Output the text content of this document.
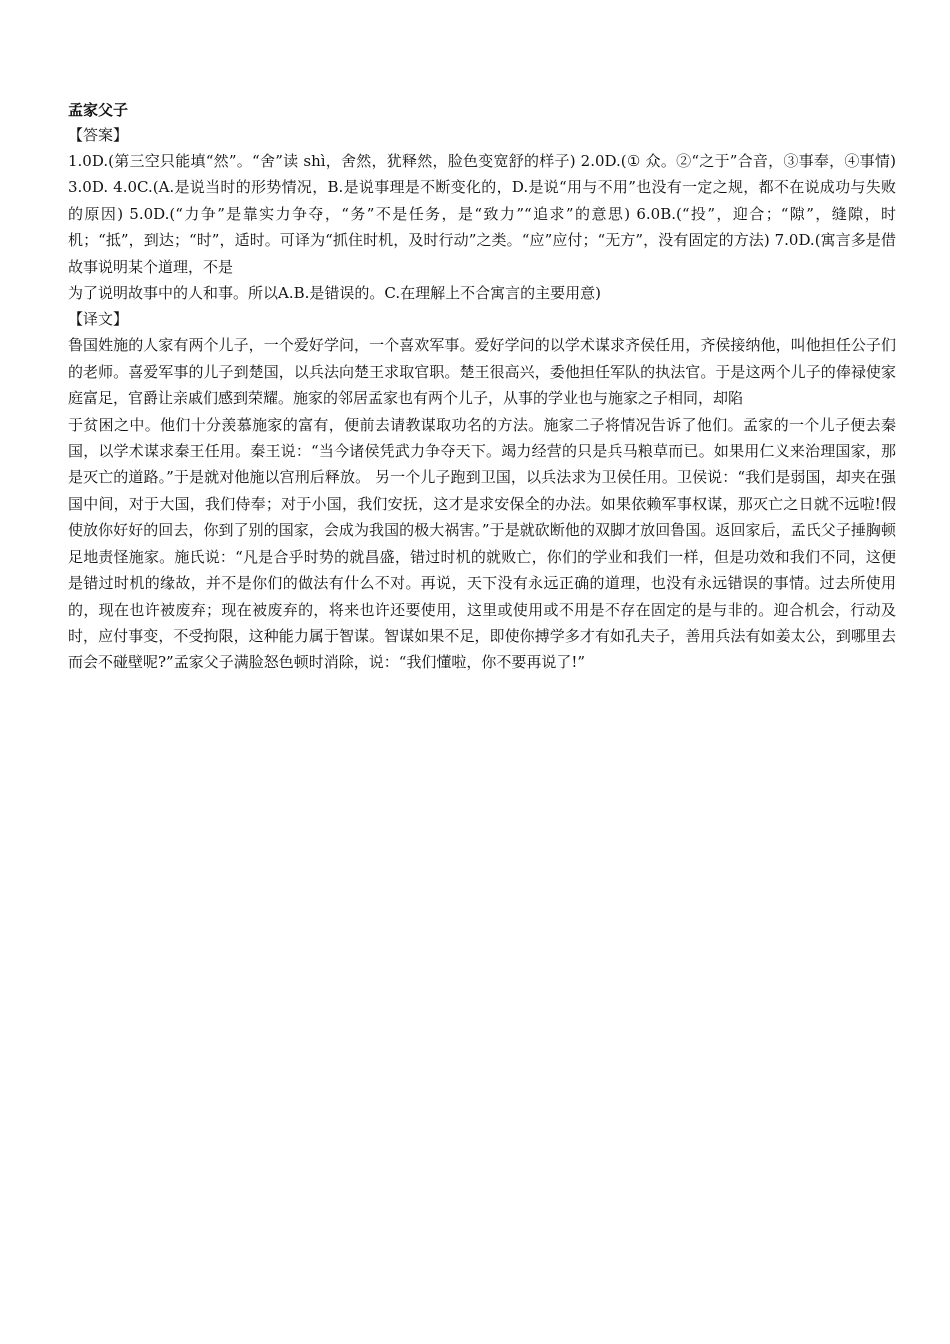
孟家父子

【答案】

1.0D.(第三空只能填“然”。“舍”读 shì，舍然，犹释然，脸色变宽舒的样子) 2.0D.(① 众。②“之于”合音，③事奉，④事情) 3.0D. 4.0C.(A.是说当时的形势情况，B.是说事理是不断变化的，D.是说“用与不用”也没有一定之规，都不在说成功与失败的原因) 5.0D.(“力争”是靠实力争夺，“务”不是任务，是“致力”“追求”的意思) 6.0B.(“投”，迎合；“隙”，缝隙，时机；“抵”，到达；“时”，适时。可译为“抓住时机，及时行动”之类。“应”应付；“无方”，没有固定的方法) 7.0D.(寓言多是借故事说明某个道理，不是

为了说明故事中的人和事。所以A.B.是错误的。C.在理解上不合寓言的主要用意)

【译文】

鲁国姓施的人家有两个儿子，一个爱好学问，一个喜欢军事。爱好学问的以学术谋求齐侯任用，齐侯接纳他，叫他担任公子们的老师。喜爱军事的儿子到楚国，以兵法向楚王求取官职。楚王很高兴，委他担任军队的执法官。于是这两个儿子的俸禄使家庭富足，官爵让亲戚们感到荣耀。施家的邻居孟家也有两个儿子，从事的学业也与施家之子相同，却陷

于贫困之中。他们十分羡慕施家的富有，便前去请教谋取功名的方法。施家二子将情况告诉了他们。孟家的一个儿子便去秦国，以学术谋求秦王任用。秦王说：“当今诸侯凭武力争夺天下。竭力经营的只是兵马粮草而已。如果用仁义来治理国家，那是灭亡的道路。”于是就对他施以宫刑后释放。 另一个儿子跑到卫国，以兵法求为卫侯任用。卫侯说：“我们是弱国，却夹在强国中间，对于大国，我们侍奉；对于小国，我们安抚，这才是求安保全的办法。如果依赖军事权谋，那灭亡之日就不远啦!假使放你好好的回去，你到了别的国家，会成为我国的极大祸害。”于是就砍断他的双脚才放回鲁国。返回家后，孟氏父子捶胸顿足地责怪施家。施氏说：“凡是合乎时势的就昌盛，错过时机的就败亡，你们的学业和我们一样，但是功效和我们不同，这便是错过时机的缘故，并不是你们的做法有什么不对。再说，天下没有永远正确的道理，也没有永远错误的事情。过去所使用的，现在也许被废弃；现在被废弃的，将来也许还要使用，这里或使用或不用是不存在固定的是与非的。迎合机会，行动及时，应付事变，不受拘限，这种能力属于智谋。智谋如果不足，即使你搏学多才有如孔夫子，善用兵法有如姜太公，到哪里去而会不碰壁呢?”孟家父子满脸怒色顿时消除，说：“我们懂啦，你不要再说了!”
